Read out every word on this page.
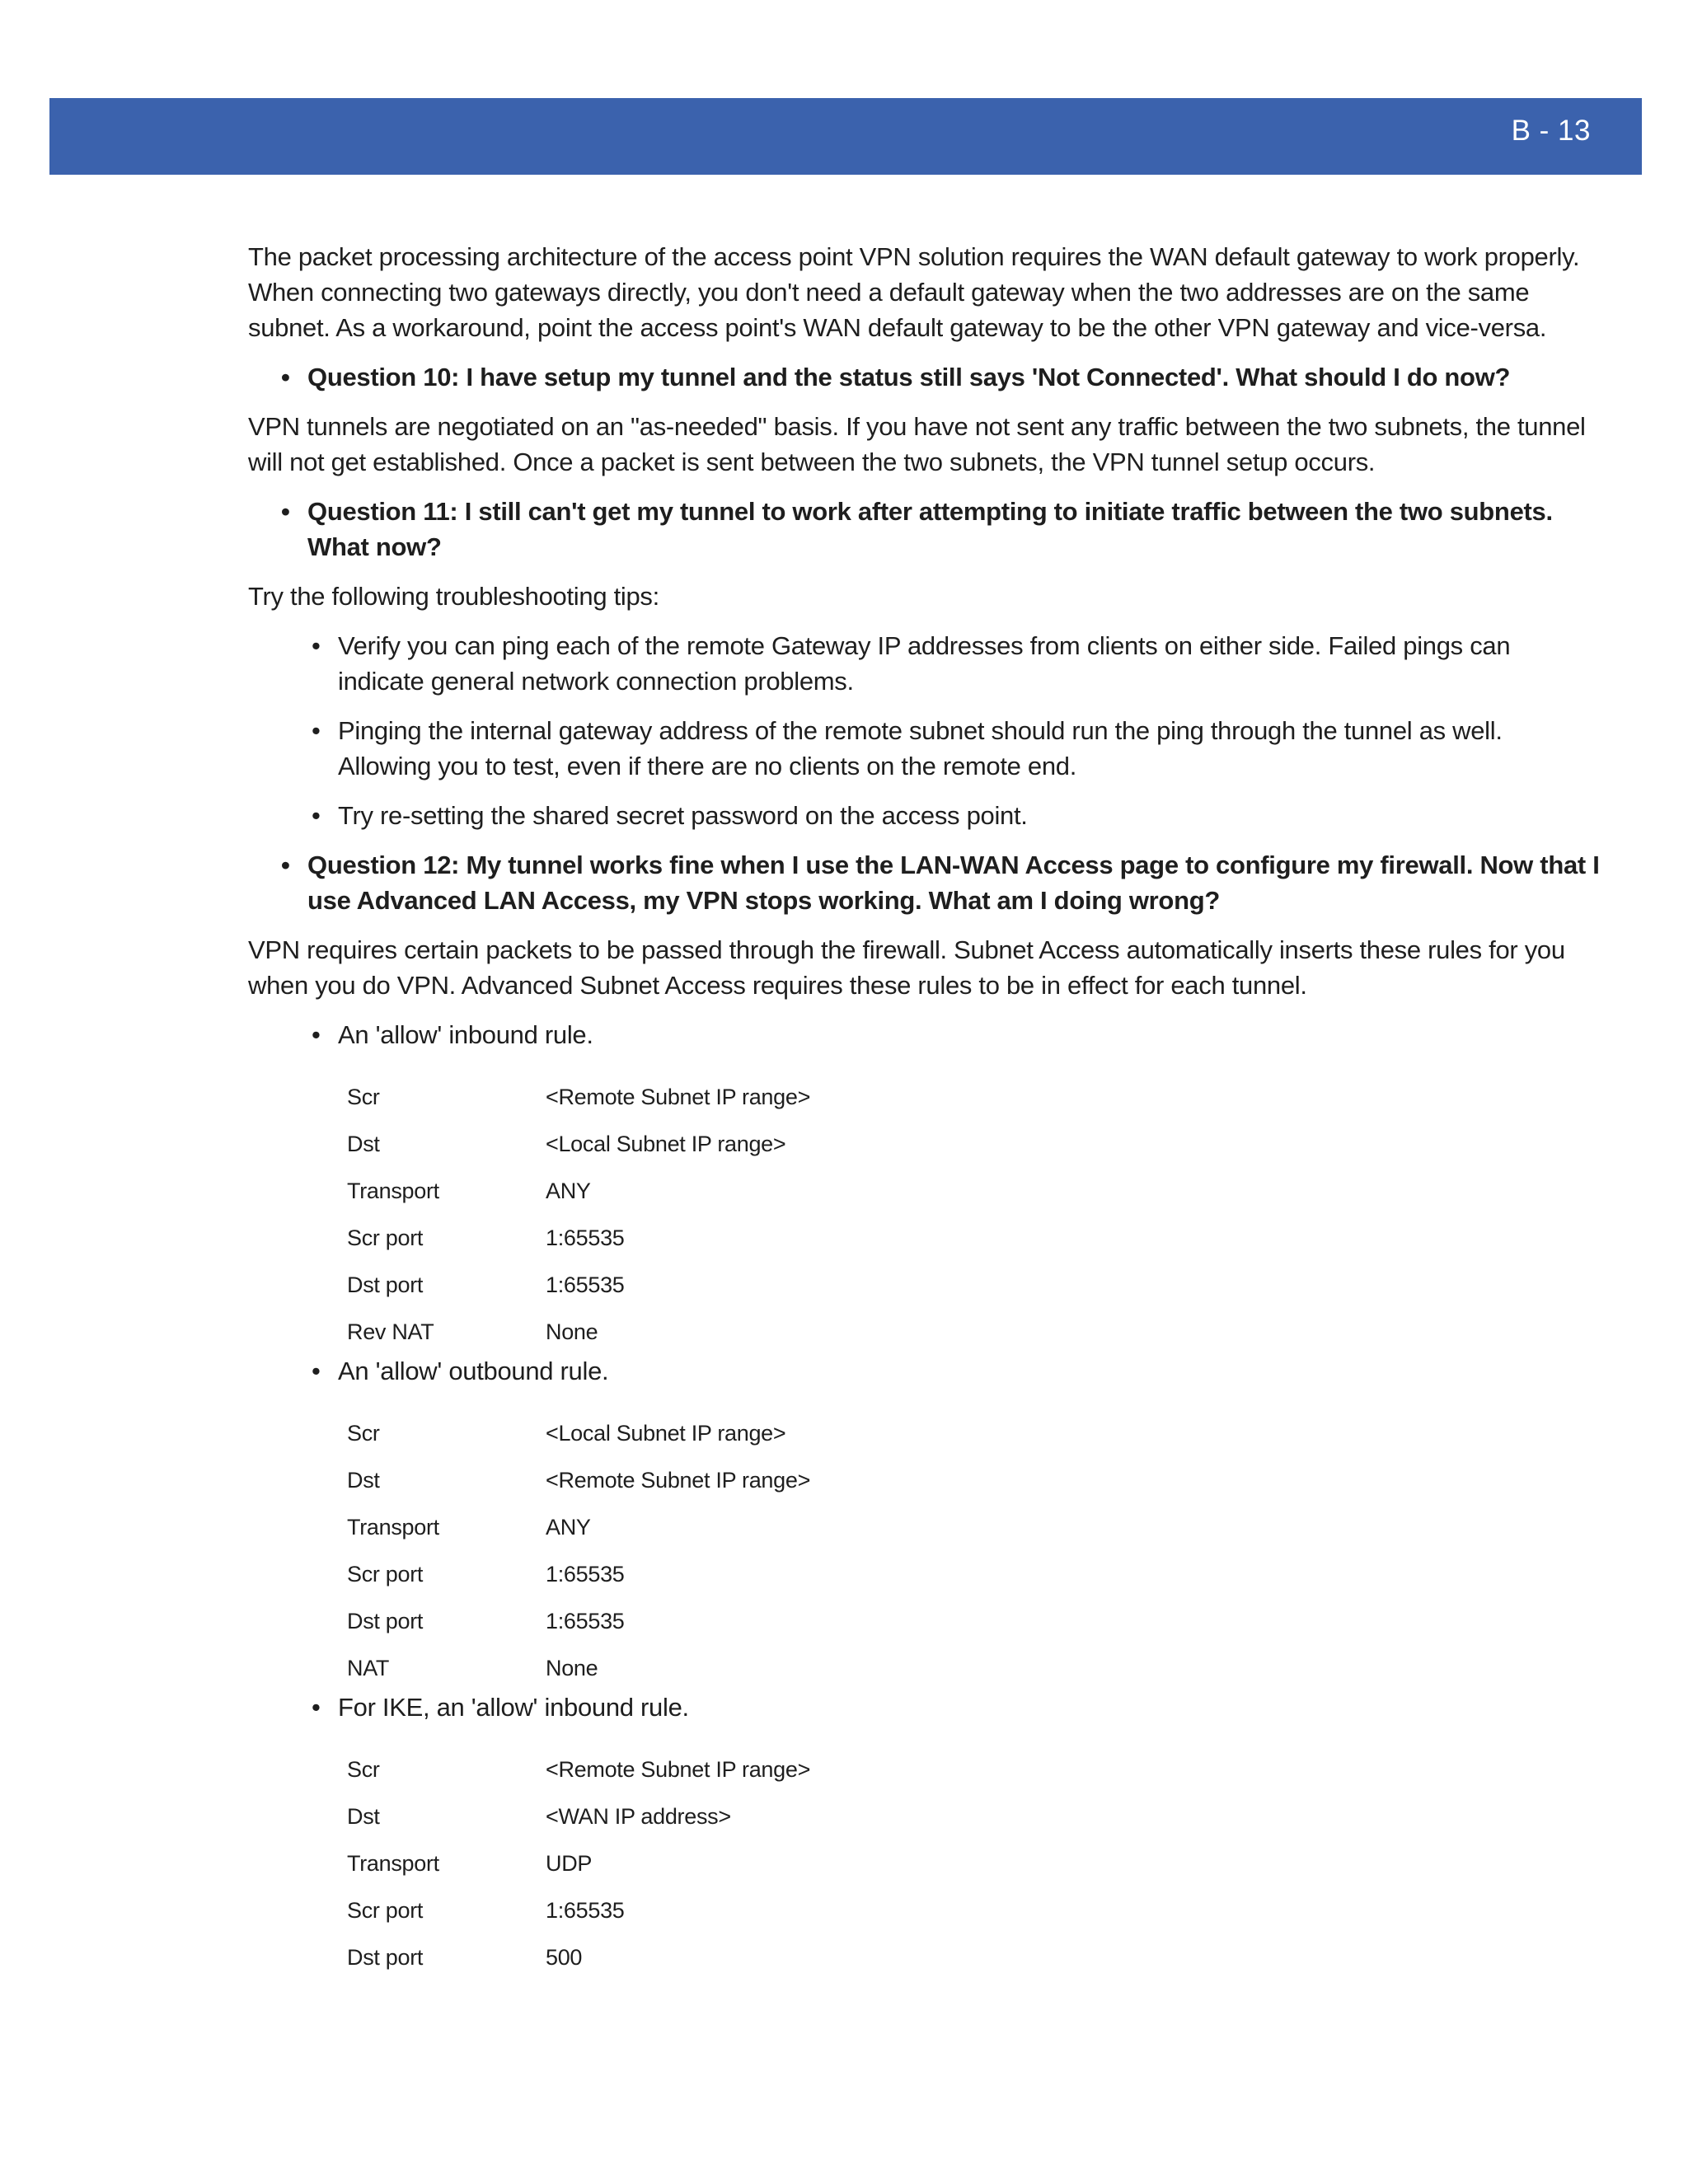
B - 13

The packet processing architecture of the access point VPN solution requires the WAN default gateway to work properly. When connecting two gateways directly, you don't need a default gateway when the two addresses are on the same subnet. As a workaround, point the access point's WAN default gateway to be the other VPN gateway and vice-versa.

• Question 10: I have setup my tunnel and the status still says 'Not Connected'. What should I do now?

VPN tunnels are negotiated on an "as-needed" basis. If you have not sent any traffic between the two subnets, the tunnel will not get established. Once a packet is sent between the two subnets, the VPN tunnel setup occurs.

• Question 11: I still can't get my tunnel to work after attempting to initiate traffic between the two subnets. What now?

Try the following troubleshooting tips:

• Verify you can ping each of the remote Gateway IP addresses from clients on either side. Failed pings can indicate general network connection problems.
• Pinging the internal gateway address of the remote subnet should run the ping through the tunnel as well. Allowing you to test, even if there are no clients on the remote end.
• Try re-setting the shared secret password on the access point.
• Question 12: My tunnel works fine when I use the LAN-WAN Access page to configure my firewall. Now that I use Advanced LAN Access, my VPN stops working. What am I doing wrong?

VPN requires certain packets to be passed through the firewall. Subnet Access automatically inserts these rules for you when you do VPN. Advanced Subnet Access requires these rules to be in effect for each tunnel.

• An 'allow' inbound rule.
Scr	<Remote Subnet IP range>
Dst	<Local Subnet IP range>
Transport	ANY
Scr port	1:65535
Dst port	1:65535
Rev NAT	None
• An 'allow' outbound rule.
Scr	<Local Subnet IP range>
Dst	<Remote Subnet IP range>
Transport	ANY
Scr port	1:65535
Dst port	1:65535
NAT	None
• For IKE, an 'allow' inbound rule.
Scr	<Remote Subnet IP range>
Dst	<WAN IP address>
Transport	UDP
Scr port	1:65535
Dst port	500
